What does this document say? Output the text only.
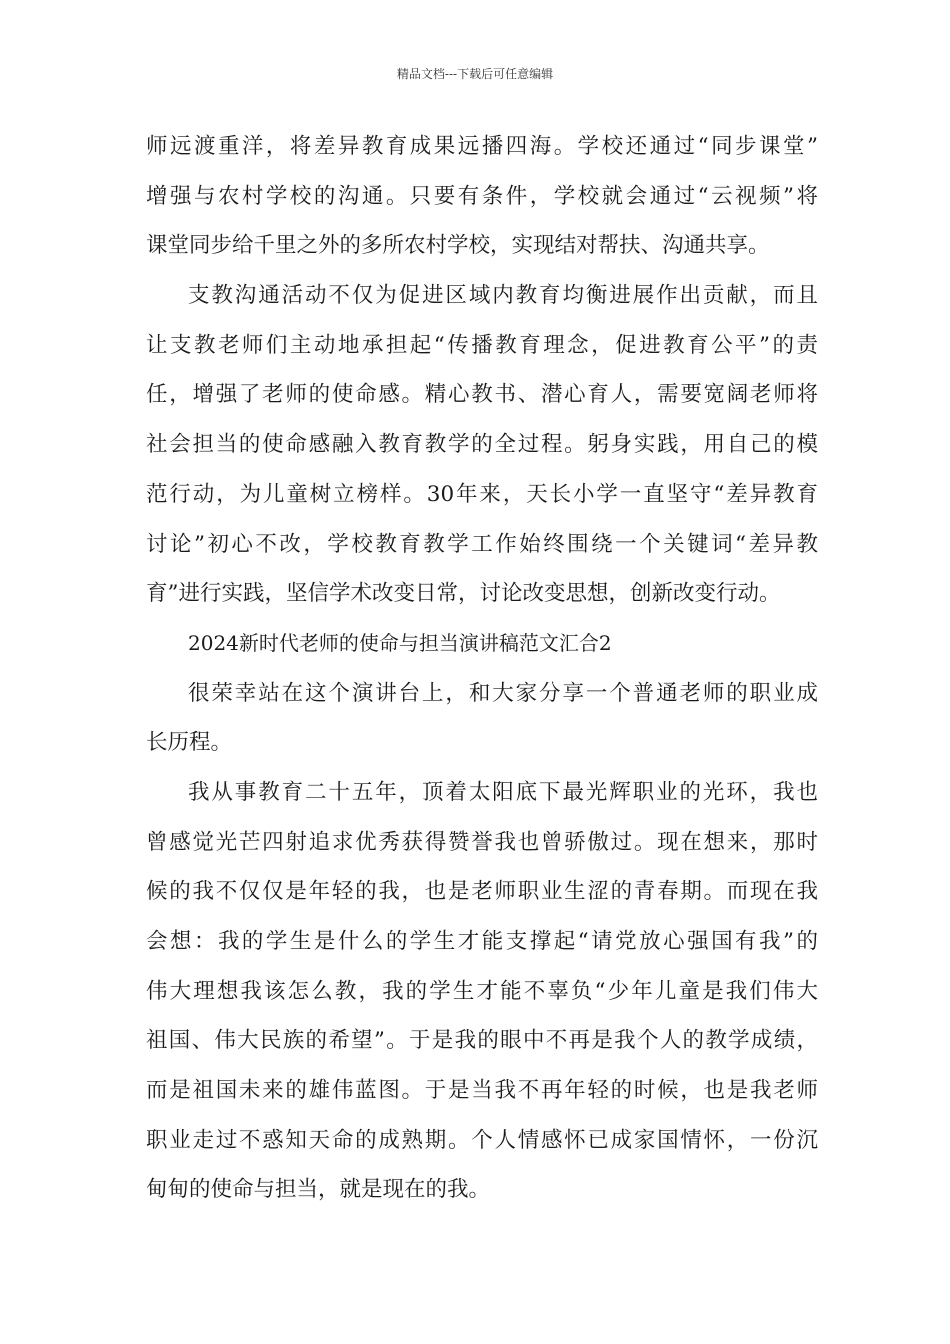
精品文档---下载后可任意编辑
师远渡重洋，将差异教育成果远播四海。学校还通过“同步课堂”
增强与农村学校的沟通。只要有条件，学校就会通过“云视频”将
课堂同步给千里之外的多所农村学校，实现结对帮扶、沟通共享。
支教沟通活动不仅为促进区域内教育均衡进展作出贡献，而且
让支教老师们主动地承担起“传播教育理念，促进教育公平”的责
任，增强了老师的使命感。精心教书、潜心育人，需要宽阔老师将
社会担当的使命感融入教育教学的全过程。躬身实践，用自己的模
范行动，为儿童树立榜样。30年来，天长小学一直坚守“差异教育
讨论”初心不改，学校教育教学工作始终围绕一个关键词“差异教
育”进行实践，坚信学术改变日常，讨论改变思想，创新改变行动。
2024新时代老师的使命与担当演讲稿范文汇合2
很荣幸站在这个演讲台上，和大家分享一个普通老师的职业成
长历程。
我从事教育二十五年，顶着太阳底下最光辉职业的光环，我也
曾感觉光芒四射追求优秀获得赞誉我也曾骄傲过。现在想来，那时
候的我不仅仅是年轻的我，也是老师职业生涩的青春期。而现在我
会想：我的学生是什么的学生才能支撑起“请党放心强国有我”的
伟大理想我该怎么教，我的学生才能不辜负“少年儿童是我们伟大
祖国、伟大民族的希望”。于是我的眼中不再是我个人的教学成绩，
而是祖国未来的雄伟蓝图。于是当我不再年轻的时候，也是我老师
职业走过不惑知天命的成熟期。个人情感怀已成家国情怀，一份沉
甸甸的使命与担当，就是现在的我。
